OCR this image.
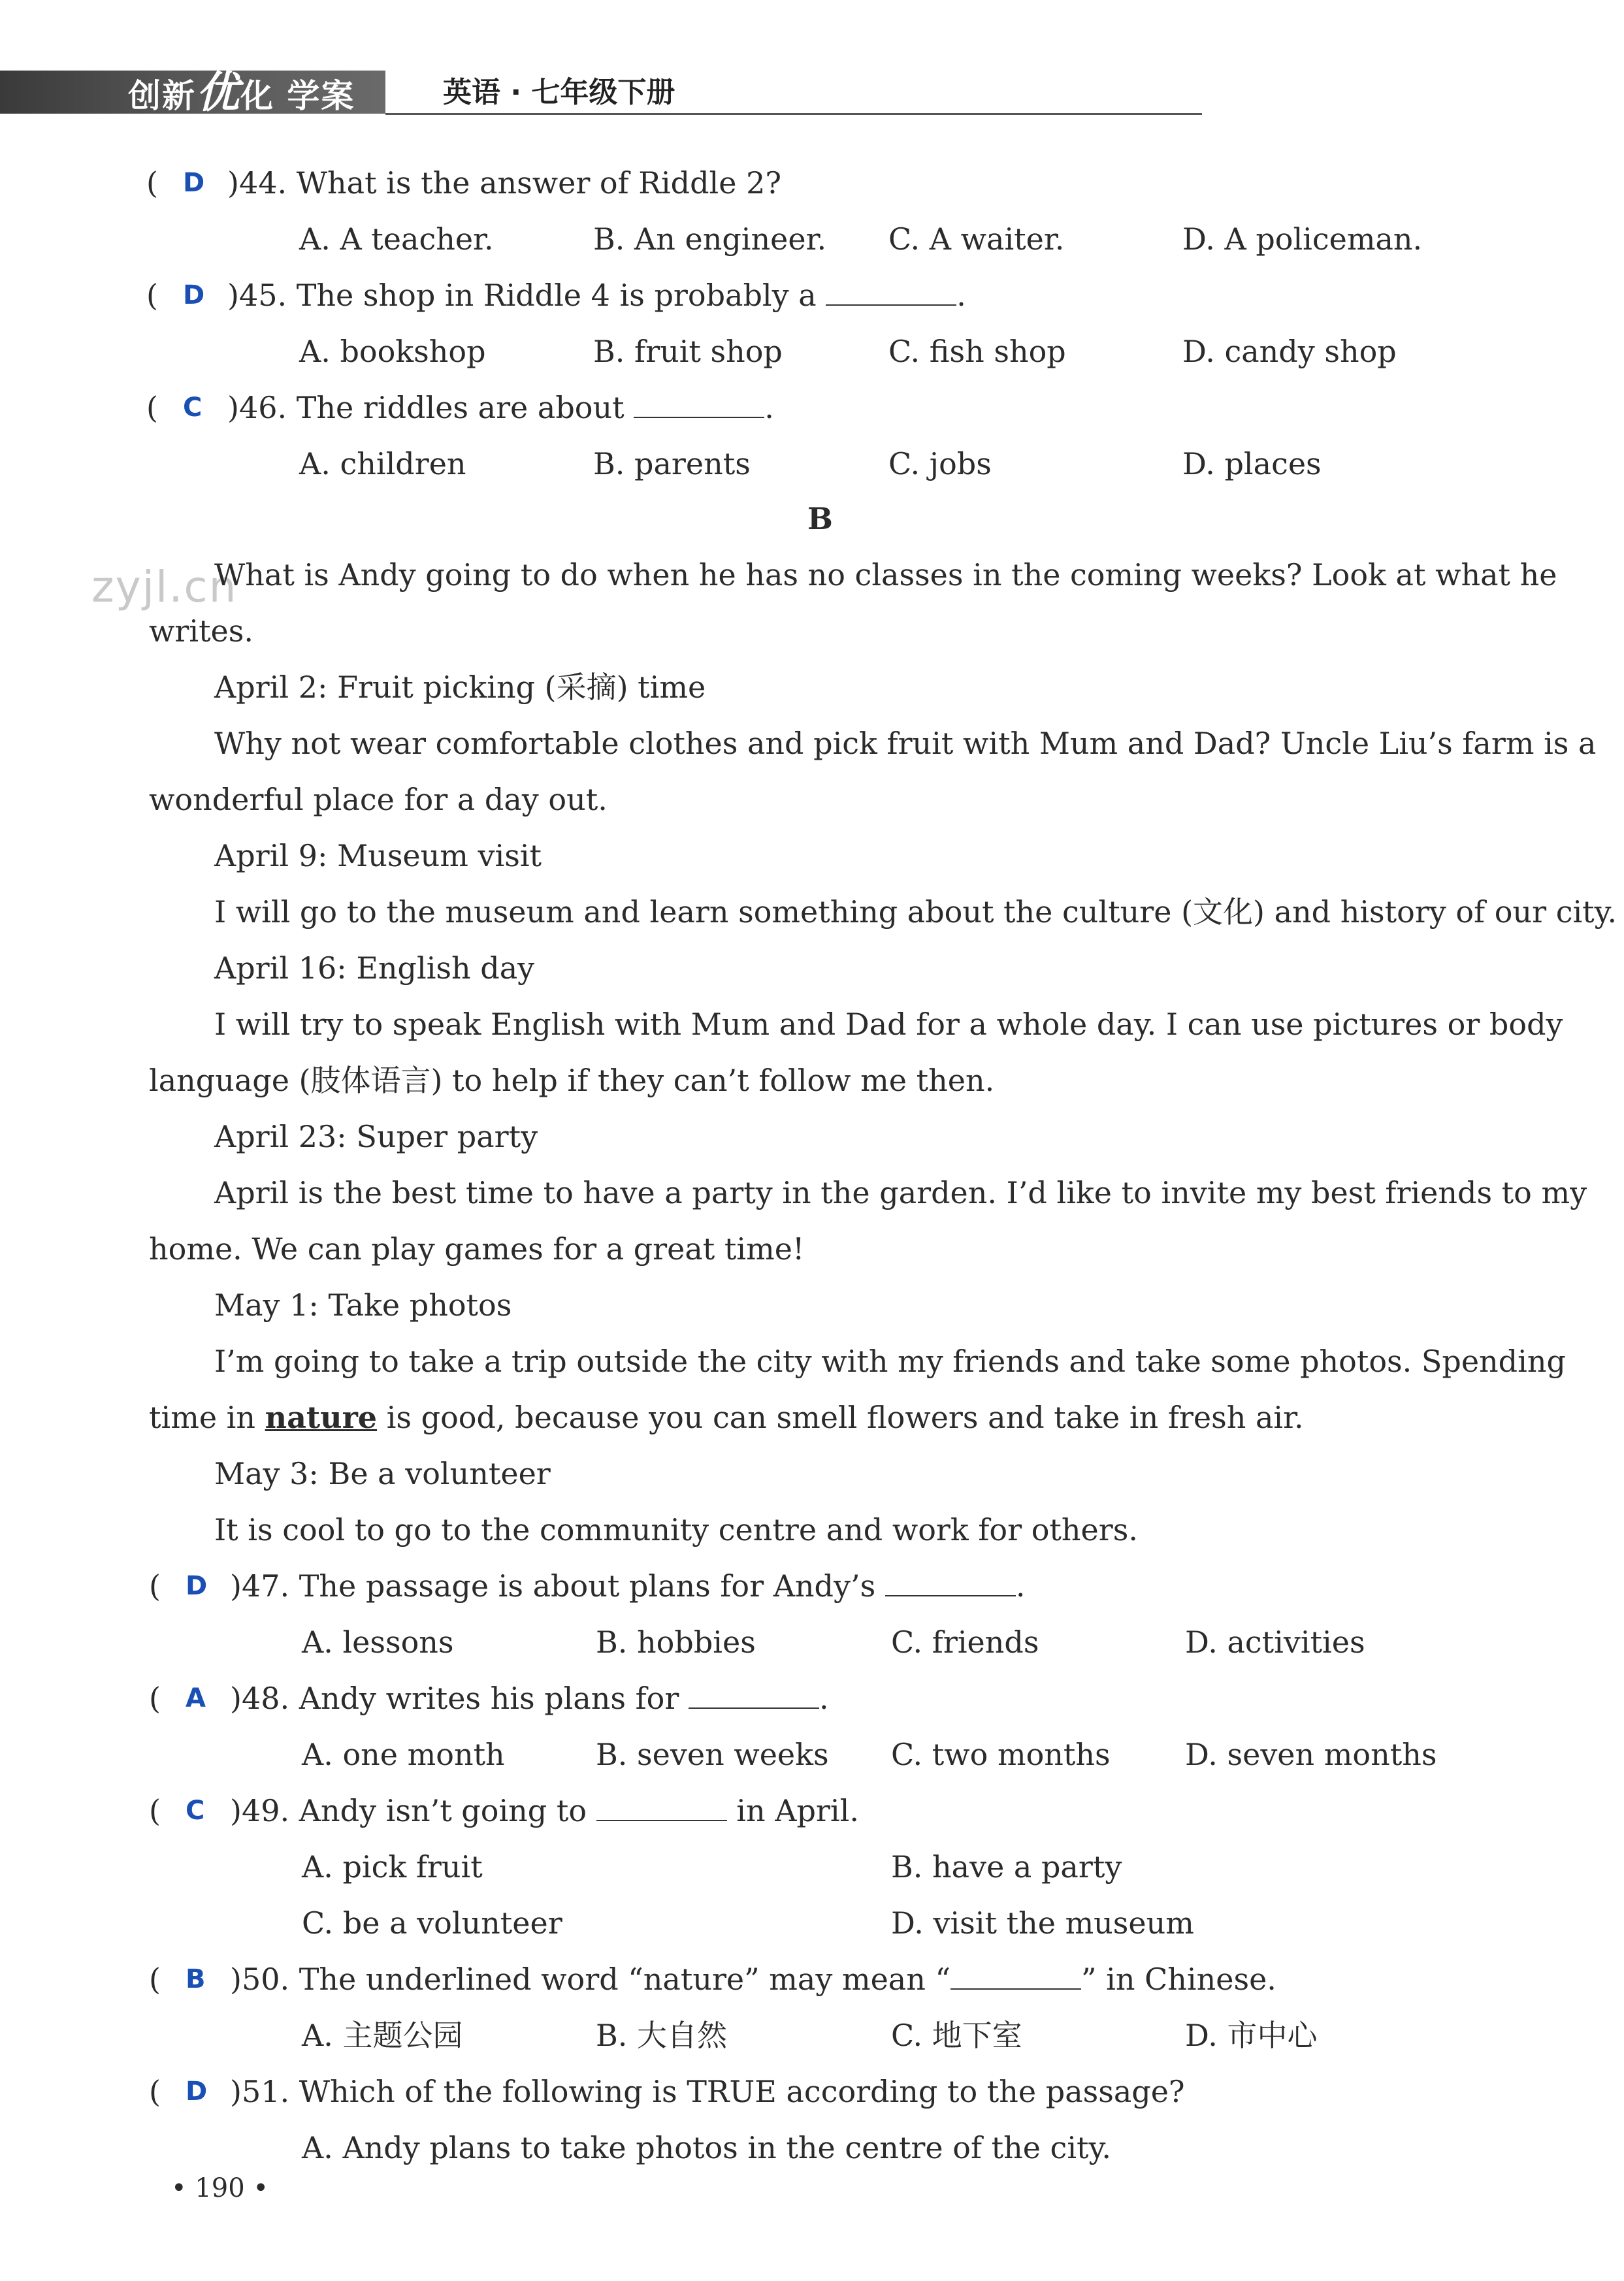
创新优化 学案	英语 · 七年级下册
( D )44. What is the answer of Riddle 2?
A. A teacher.	B. An engineer. C. A waiter.	D. A policeman.
( D )45. The shop in Riddle 4 is probably a	.
A. bookshop	B. fruit shop	C. fish shop	D. candy shop
( C )46. The riddles are about	.
A. children	B. parents	C. jobs	D. places
B
zyjl.cn
What is Andy going to do when he has no classes in the coming weeks? Look at what he
writes.
April 2: Fruit picking (采摘) time
Why not wear comfortable clothes and pick fruit with Mum and Dad? Uncle Liu’s farm is a
wonderful place for a day out.
April 9: Museum visit
I will go to the museum and learn something about the culture (文化) and history of our city.
April 16: English day
I will try to speak English with Mum and Dad for a whole day. I can use pictures or body
language (肢体语言) to help if they can’t follow me then.
April 23: Super party
April is the best time to have a party in the garden. I’d like to invite my best friends to my
home. We can play games for a great time!
May 1: Take photos
I’m going to take a trip outside the city with my friends and take some photos. Spending
time in nature is good, because you can smell flowers and take in fresh air.
May 3: Be a volunteer
It is cool to go to the community centre and work for others.
( D )47. The passage is about plans for Andy’s	.
A. lessons	B. hobbies	C. friends	D. activities
( A )48. Andy writes his plans for	.
A. one month	B. seven weeks C. two months D. seven months
( C )49. Andy isn’t going to	in April.
A. pick fruit	B. have a party
C. be a volunteer	D. visit the museum
( B )50. The underlined word “nature” may mean “	” in Chinese.
A. 主题公园	B. 大自然	C. 地下室	D. 市中心
( D )51. Which of the following is TRUE according to the passage?
A. Andy plans to take photos in the centre of the city.
• 190 •
